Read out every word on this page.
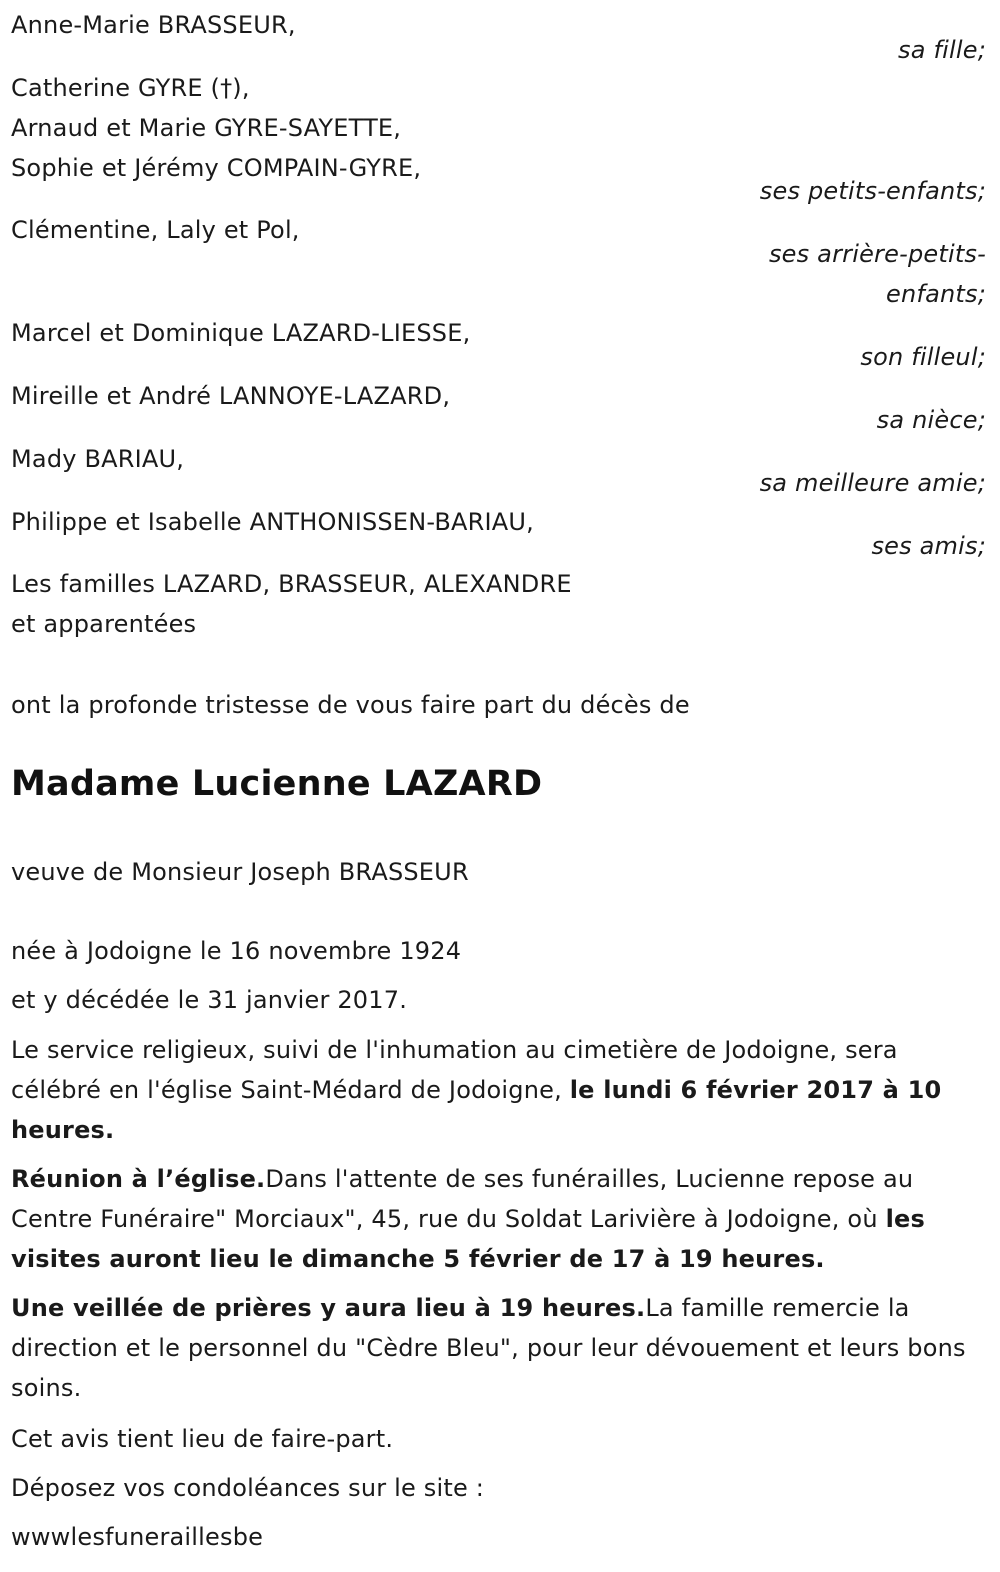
Anne-Marie BRASSEUR,
sa fille;
Catherine GYRE (†),
Arnaud et Marie GYRE-SAYETTE,
Sophie et Jérémy COMPAIN-GYRE,
ses petits-enfants;
Clémentine, Laly et Pol,
ses arrière-petits-
enfants;
Marcel et Dominique LAZARD-LIESSE,
son filleul;
Mireille et André LANNOYE-LAZARD,
sa nièce;
Mady BARIAU,
sa meilleure amie;
Philippe et Isabelle ANTHONISSEN-BARIAU,
ses amis;
Les familles LAZARD, BRASSEUR, ALEXANDRE
et apparentées
ont la profonde tristesse de vous faire part du décès de
Madame Lucienne LAZARD
veuve de Monsieur Joseph BRASSEUR
née à Jodoigne le 16 novembre 1924
et y décédée le 31 janvier 2017.
Le service religieux, suivi de l'inhumation au cimetière de Jodoigne, sera célébré en l'église Saint-Médard de Jodoigne, le lundi 6 février 2017 à 10 heures.
Réunion à l’église.Dans l'attente de ses funérailles, Lucienne repose au Centre Funéraire" Morciaux", 45, rue du Soldat Larivière à Jodoigne, où les visites auront lieu le dimanche 5 février de 17 à 19 heures.
Une veillée de prières y aura lieu à 19 heures.La famille remercie la direction et le personnel du "Cèdre Bleu", pour leur dévouement et leurs bons soins.
Cet avis tient lieu de faire-part.
Déposez vos condoléances sur le site :
wwwlesfuneraillesbe
